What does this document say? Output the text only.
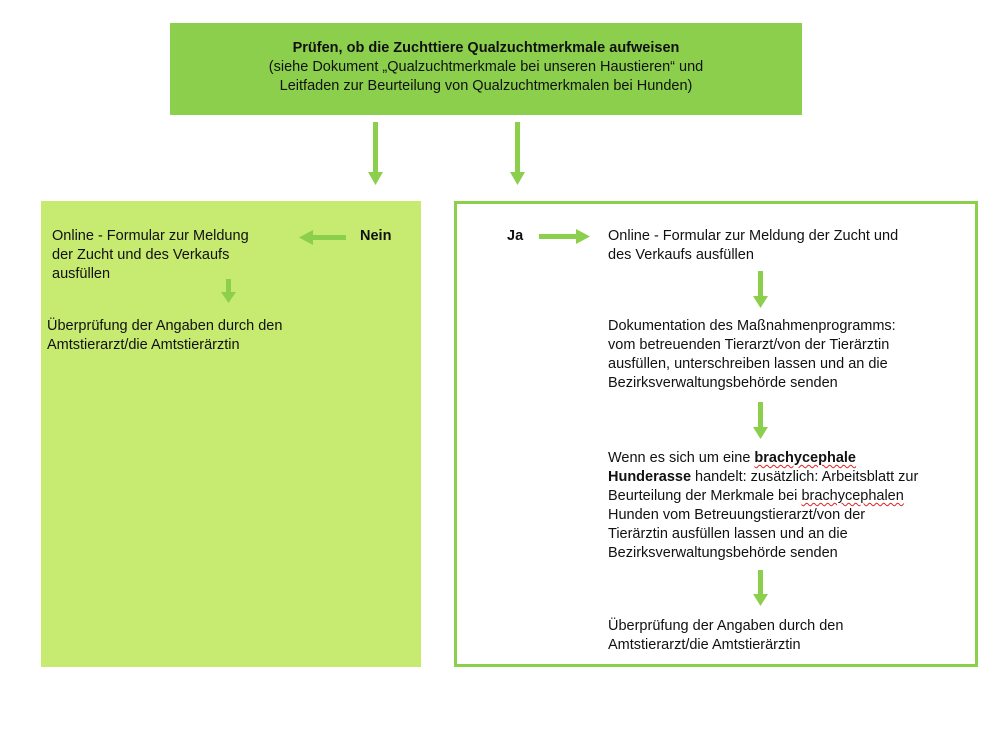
Prüfen, ob die Zuchttiere Qualzuchtmerkmale aufweisen
(siehe Dokument „Qualzuchtmerkmale bei unseren Haustieren“ und
Leitfaden zur Beurteilung von Qualzuchtmerkmalen bei Hunden)
Nein
Online - Formular zur Meldung
der Zucht und des Verkaufs
ausfüllen
Überprüfung der Angaben durch den
Amtstierarzt/die Amtstierärztin
Ja	Online - Formular zur Meldung der Zucht und
des Verkaufs ausfüllen
Dokumentation des Maßnahmenprogramms:
vom betreuenden Tierarzt/von der Tierärztin
ausfüllen, unterschreiben lassen und an die
Bezirksverwaltungsbehörde senden
Wenn es sich um eine brachycephale
Hunderasse handelt: zusätzlich: Arbeitsblatt zur
Beurteilung der Merkmale bei brachycephalen
Hunden vom Betreuungstierarzt/von der
Tierärztin ausfüllen lassen und an die
Bezirksverwaltungsbehörde senden
Überprüfung der Angaben durch den
Amtstierarzt/die Amtstierärztin
